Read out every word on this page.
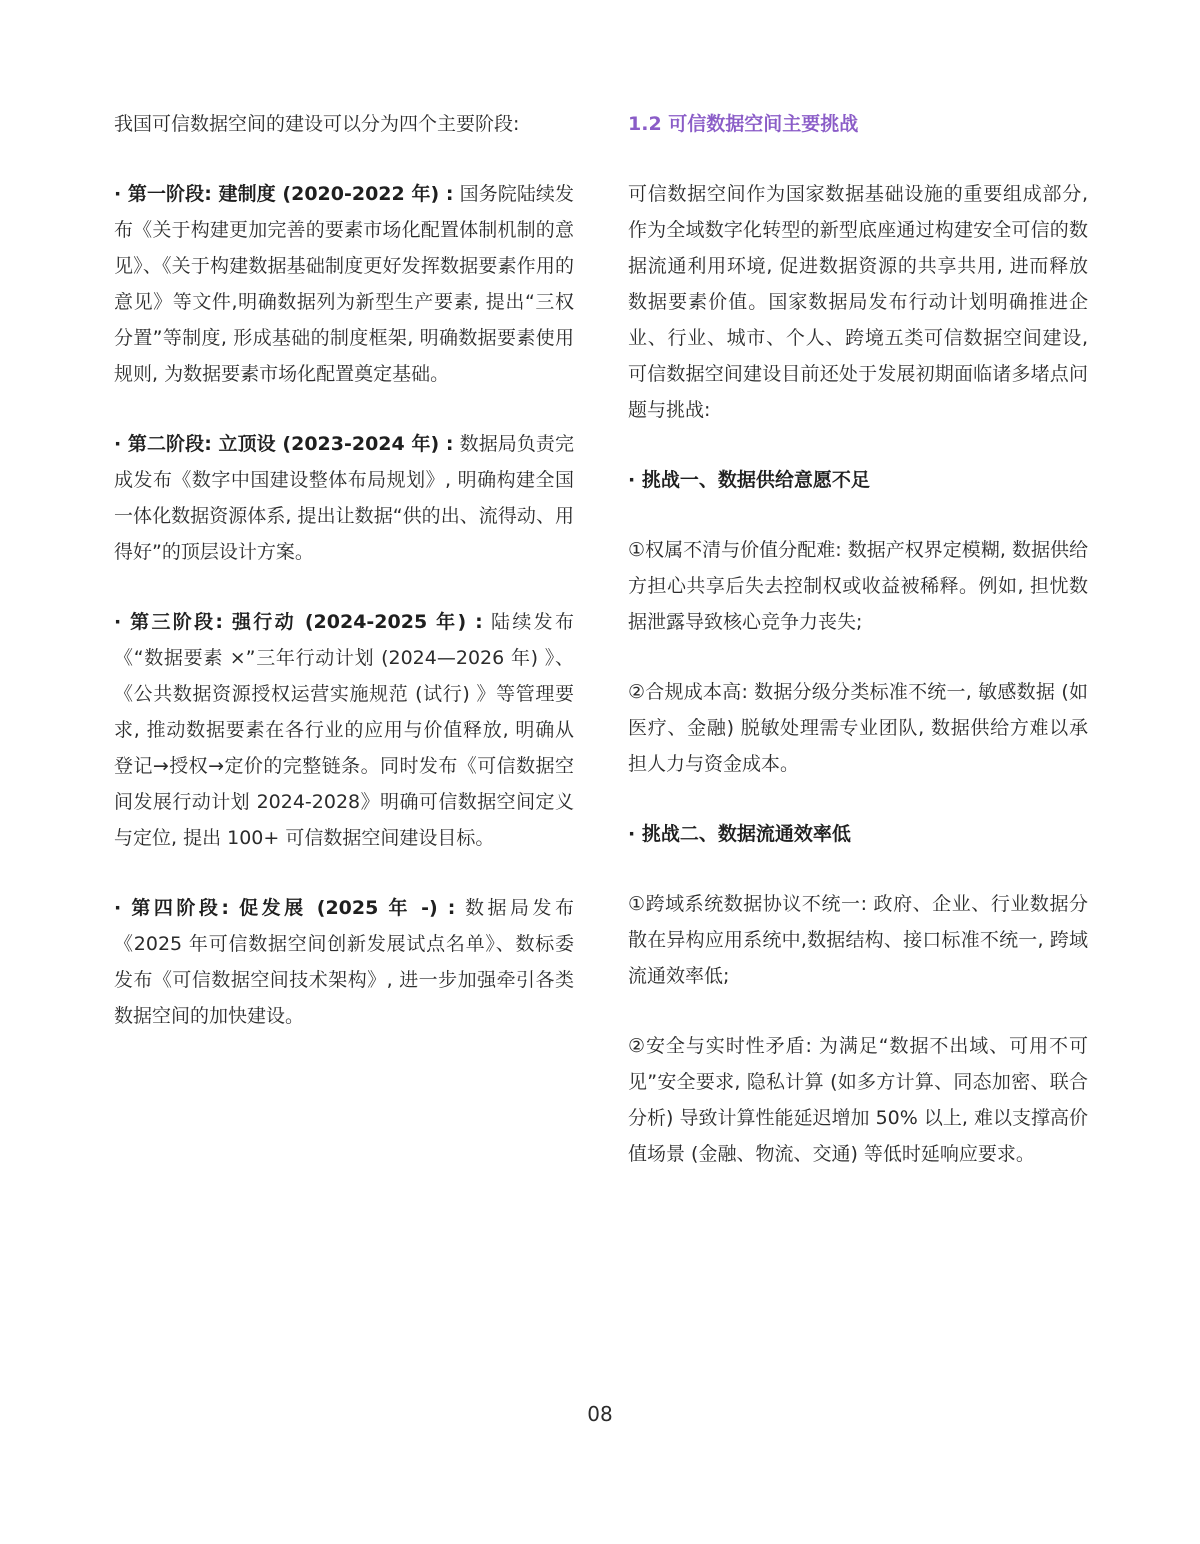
我国可信数据空间的建设可以分为四个主要阶段:

· 第一阶段: 建制度 (2020-2022 年) : 国务院陆续发布《关于构建更加完善的要素市场化配置体制机制的意见》、《关于构建数据基础制度更好发挥数据要素作用的意见》等文件,明确数据列为新型生产要素, 提出“三权分置”等制度, 形成基础的制度框架, 明确数据要素使用规则, 为数据要素市场化配置奠定基础。

· 第二阶段: 立顶设 (2023-2024 年) : 数据局负责完成发布《数字中国建设整体布局规划》, 明确构建全国一体化数据资源体系, 提出让数据“供的出、流得动、用得好”的顶层设计方案。

· 第三阶段: 强行动 (2024-2025 年) : 陆续发布《“数据要素 ×”三年行动计划 (2024—2026 年) 》、《公共数据资源授权运营实施规范 (试行) 》等管理要求, 推动数据要素在各行业的应用与价值释放, 明确从登记→授权→定价的完整链条。同时发布《可信数据空间发展行动计划 2024-2028》明确可信数据空间定义与定位, 提出 100+ 可信数据空间建设目标。

· 第四阶段: 促发展 (2025 年 -) : 数据局发布《2025 年可信数据空间创新发展试点名单》、数标委发布《可信数据空间技术架构》, 进一步加强牵引各类数据空间的加快建设。

1.2 可信数据空间主要挑战

可信数据空间作为国家数据基础设施的重要组成部分, 作为全域数字化转型的新型底座通过构建安全可信的数据流通利用环境, 促进数据资源的共享共用, 进而释放数据要素价值。国家数据局发布行动计划明确推进企业、行业、城市、个人、跨境五类可信数据空间建设, 可信数据空间建设目前还处于发展初期面临诸多堵点问题与挑战:

· 挑战一、数据供给意愿不足

①权属不清与价值分配难: 数据产权界定模糊, 数据供给方担心共享后失去控制权或收益被稀释。例如, 担忧数据泄露导致核心竞争力丧失;

②合规成本高: 数据分级分类标准不统一, 敏感数据 (如医疗、金融) 脱敏处理需专业团队, 数据供给方难以承担人力与资金成本。

· 挑战二、数据流通效率低

①跨域系统数据协议不统一: 政府、企业、行业数据分散在异构应用系统中,数据结构、接口标准不统一, 跨域流通效率低;

②安全与实时性矛盾: 为满足“数据不出域、可用不可见”安全要求, 隐私计算 (如多方计算、同态加密、联合分析) 导致计算性能延迟增加 50% 以上, 难以支撑高价值场景 (金融、物流、交通) 等低时延响应要求。

08
